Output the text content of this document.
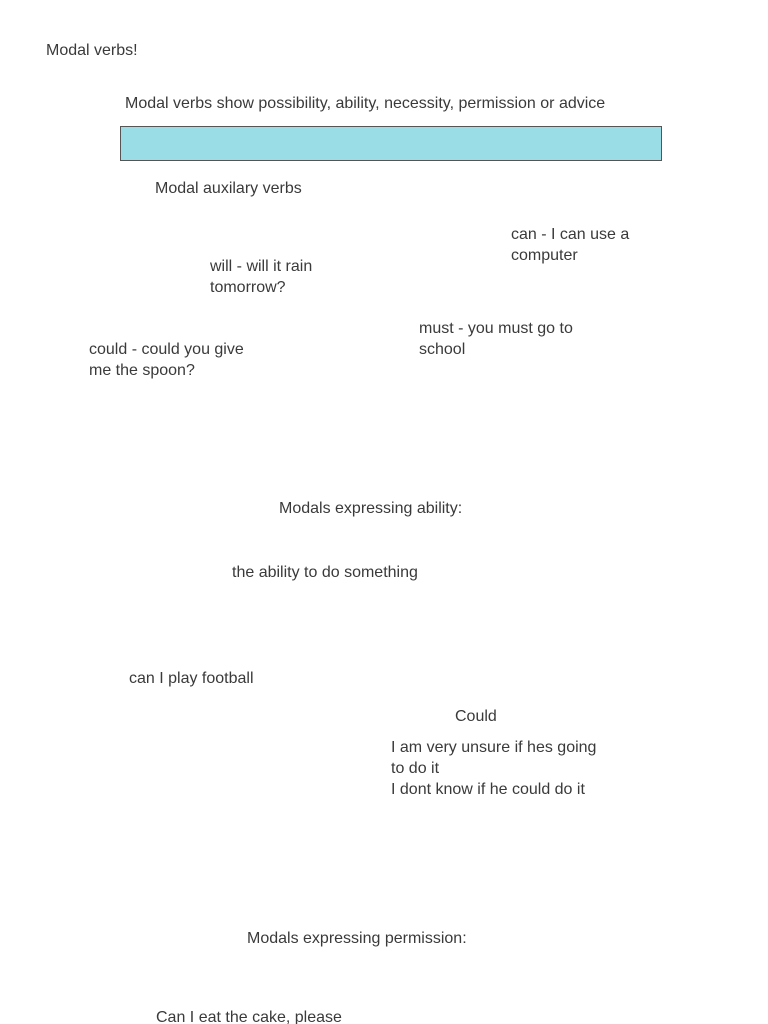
Modal verbs!
Modal verbs show possibility, ability, necessity, permission or advice
Modal auxilary verbs
can - I can use a
computer
will - will it rain
tomorrow?
must - you must go to
school
could - could you give
me the spoon?
Modals expressing ability:
the ability to do something
can I play football
Could
I am very unsure if hes going
to do it
I dont know if he could do it
Modals expressing permission:
Can I eat the cake, please
